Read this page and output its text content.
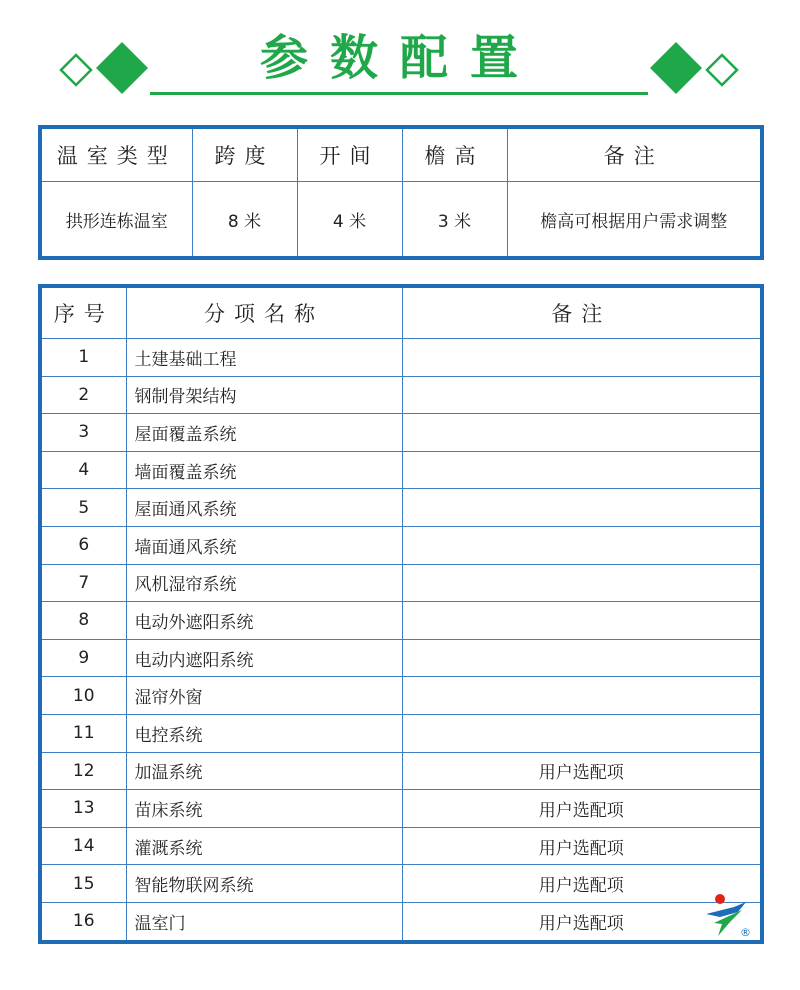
参数配置
温室类型	跨度	开间	檐高	备注
拱形连栋温室	8 米	4 米	3 米	檐高可根据用户需求调整
序号	分项名称	备注
1	土建基础工程	
2	钢制骨架结构	
3	屋面覆盖系统	
4	墙面覆盖系统	
5	屋面通风系统	
6	墙面通风系统	
7	风机湿帘系统	
8	电动外遮阳系统	
9	电动内遮阳系统	
10	湿帘外窗	
11	电控系统	
12	加温系统	用户选配项
13	苗床系统	用户选配项
14	灌溉系统	用户选配项
15	智能物联网系统	用户选配项
16	温室门	用户选配项	®
